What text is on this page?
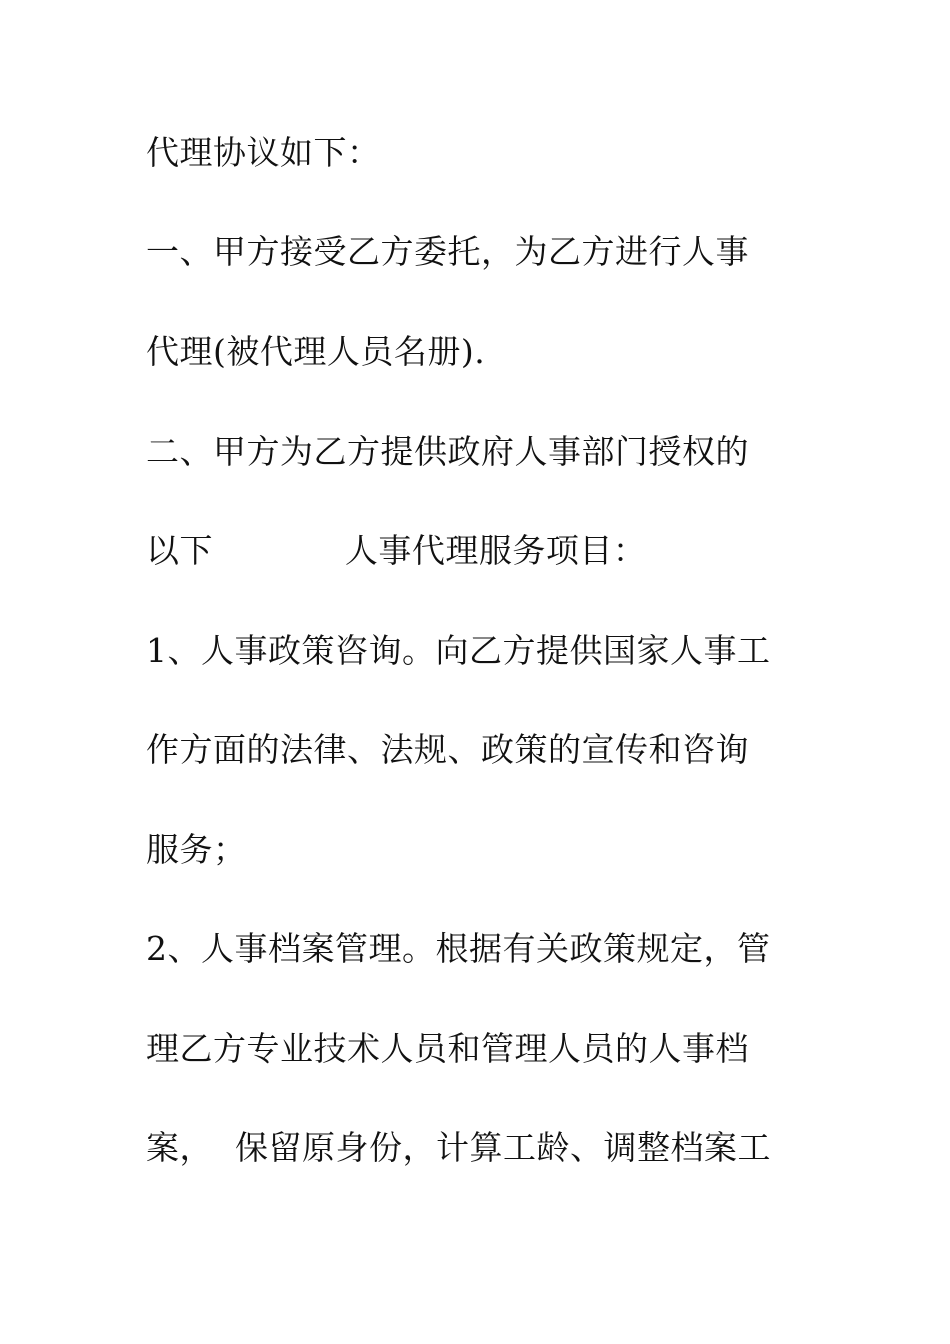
代理协议如下：
一、甲方接受乙方委托，为乙方进行人事
代理(被代理人员名册).
二、甲方为乙方提供政府人事部门授权的
以下            人事代理服务项目：
1、人事政策咨询。向乙方提供国家人事工
作方面的法律、法规、政策的宣传和咨询
服务；
2、人事档案管理。根据有关政策规定，管
理乙方专业技术人员和管理人员的人事档
案，  保留原身份，计算工龄、调整档案工
